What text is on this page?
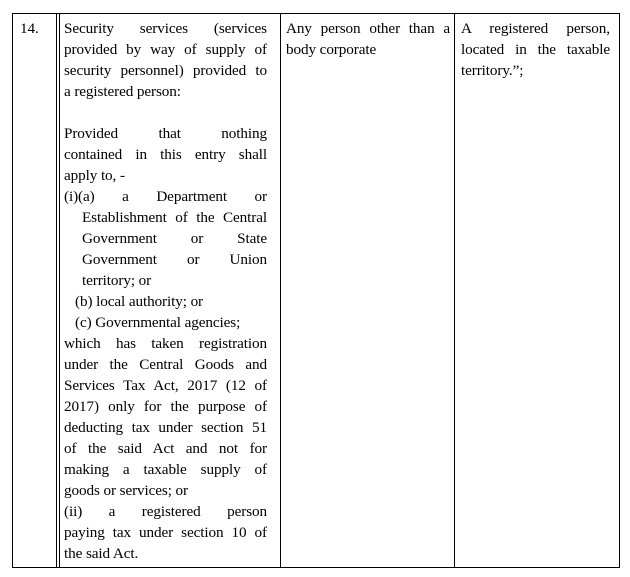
14.	Security services (services
provided by way of supply of
security personnel) provided to
a registered person:
Provided that nothing
contained in this entry shall
apply to, -
(i)(a) a Department or
Establishment of the Central
Government or State
Government or Union
territory; or
(b) local authority; or
(c) Governmental agencies;
which has taken registration
under the Central Goods and
Services Tax Act, 2017 (12 of
2017) only for the purpose of
deducting tax under section 51
of the said Act and not for
making a taxable supply of
goods or services; or
(ii) a registered person
paying tax under section 10 of
the said Act.
Any person other than a
body corporate
A registered person,
located in the taxable
territory.”;
